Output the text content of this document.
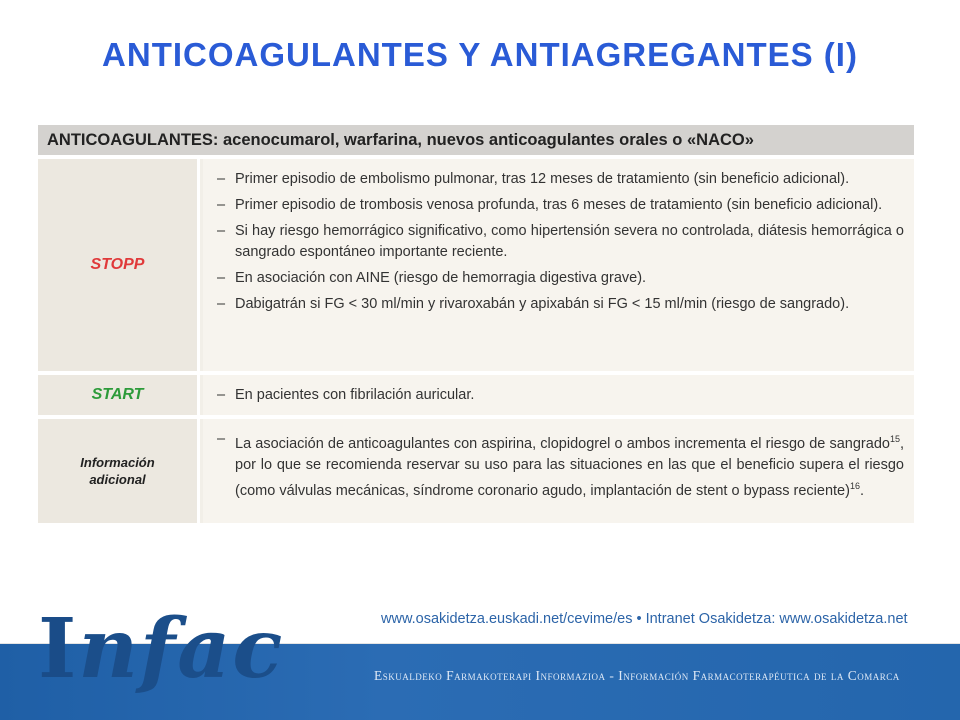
ANTICOAGULANTES Y ANTIAGREGANTES (I)
ANTICOAGULANTES: acenocumarol, warfarina, nuevos anticoagulantes orales o «NACO»
STOPP
– Primer episodio de embolismo pulmonar, tras 12 meses de tratamiento (sin beneficio adicional).
– Primer episodio de trombosis venosa profunda, tras 6 meses de tratamiento (sin beneficio adicional).
– Si hay riesgo hemorrágico significativo, como hipertensión severa no controlada, diátesis hemorrágica o sangrado espontáneo importante reciente.
– En asociación con AINE (riesgo de hemorragia digestiva grave).
– Dabigatrán si FG < 30 ml/min y rivaroxabán y apixabán si FG < 15 ml/min (riesgo de sangrado).
START
–	En pacientes con fibrilación auricular.
Información adicional
– La asociación de anticoagulantes con aspirina, clopidogrel o ambos incrementa el riesgo de sangrado$^{15}$, por lo que se recomienda reservar su uso para las situaciones en las que el beneficio supera el riesgo (como válvulas mecánicas, síndrome coronario agudo, implantación de stent o bypass reciente)$^{16}$.
www.osakidetza.euskadi.net/cevime/es • Intranet Osakidetza: www.osakidetza.net
Infac	Eskualdeko Farmakoterapi Informazioa - Información Farmacoterapéutica de la Comarca
